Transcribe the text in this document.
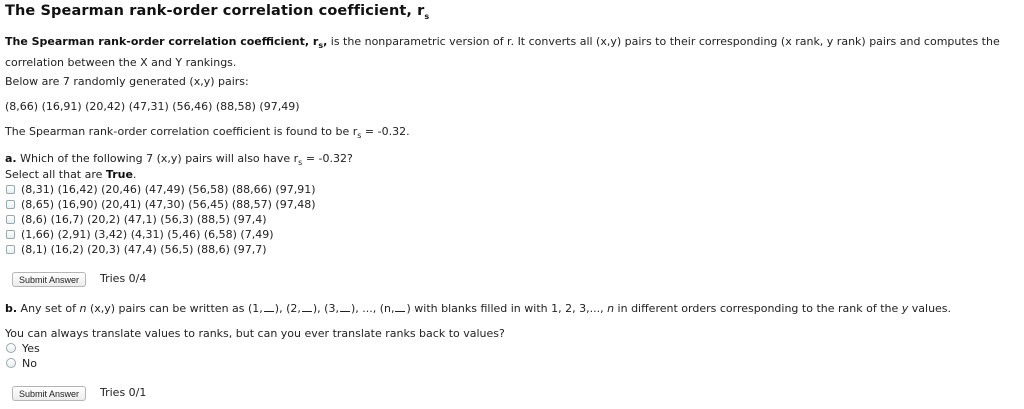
The Spearman rank-order correlation coefficient, $r_s$
The Spearman rank-order correlation coefficient, $r_s$, is the nonparametric version of r. It converts all (x,y) pairs to their corresponding (x rank, y rank) pairs and computes the correlation between the X and Y rankings.
Below are 7 randomly generated (x,y) pairs:
(8,66) (16,91) (20,42) (47,31) (56,46) (88,58) (97,49)
The Spearman rank-order correlation coefficient is found to be $r_s = -0.32$.
a. Which of the following 7 (x,y) pairs will also have $r_s = -0.32$?
Select all that are True.
(8,31) (16,42) (20,46) (47,49) (56,58) (88,66) (97,91)
(8,65) (16,90) (20,41) (47,30) (56,45) (88,57) (97,48)
(8,6) (16,7) (20,2) (47,1) (56,3) (88,5) (97,4)
(1,66) (2,91) (3,42) (4,31) (5,46) (6,58) (7,49)
(8,1) (16,2) (20,3) (47,4) (56,5) (88,6) (97,7)
Submit Answer	Tries 0/4
b. Any set of n (x,y) pairs can be written as (1, ), (2, ), (3, ), ..., (n, ) with blanks filled in with 1, 2, 3,..., n in different orders corresponding to the rank of the y values.
You can always translate values to ranks, but can you ever translate ranks back to values?
Yes
No
Submit Answer	Tries 0/1
